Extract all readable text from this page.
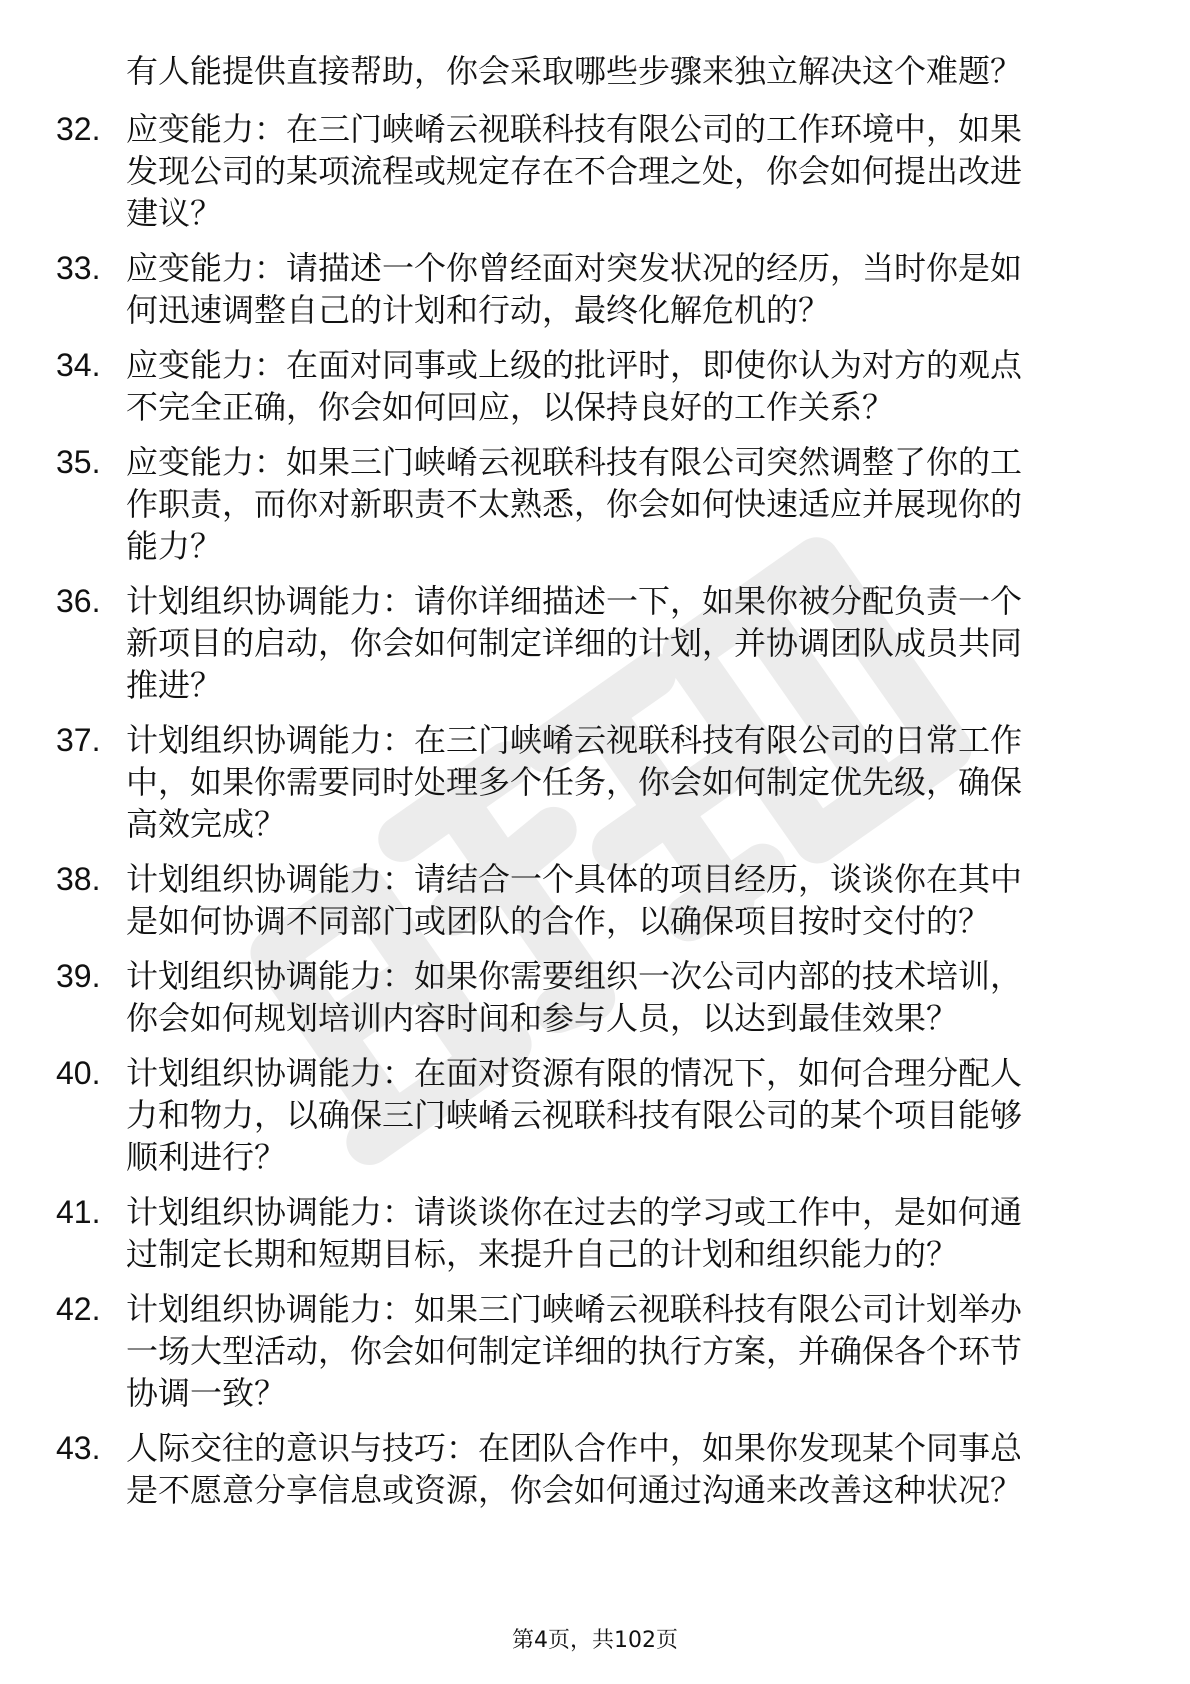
有人能提供直接帮助，你会采取哪些步骤来独立解决这个难题？
32. 应变能力：在三门峡崤云视联科技有限公司的工作环境中，如果
发现公司的某项流程或规定存在不合理之处，你会如何提出改进
建议？
33. 应变能力：请描述一个你曾经面对突发状况的经历，当时你是如
何迅速调整自己的计划和行动，最终化解危机的？
34. 应变能力：在面对同事或上级的批评时，即使你认为对方的观点
不完全正确，你会如何回应，以保持良好的工作关系？
35. 应变能力：如果三门峡崤云视联科技有限公司突然调整了你的工
作职责，而你对新职责不太熟悉，你会如何快速适应并展现你的
能力？
36. 计划组织协调能力：请你详细描述一下，如果你被分配负责一个
新项目的启动，你会如何制定详细的计划，并协调团队成员共同
推进？
37. 计划组织协调能力：在三门峡崤云视联科技有限公司的日常工作
中，如果你需要同时处理多个任务，你会如何制定优先级，确保
高效完成？
38. 计划组织协调能力：请结合一个具体的项目经历，谈谈你在其中
是如何协调不同部门或团队的合作，以确保项目按时交付的？
39. 计划组织协调能力：如果你需要组织一次公司内部的技术培训，
你会如何规划培训内容时间和参与人员，以达到最佳效果？
40. 计划组织协调能力：在面对资源有限的情况下，如何合理分配人
力和物力，以确保三门峡崤云视联科技有限公司的某个项目能够
顺利进行？
41. 计划组织协调能力：请谈谈你在过去的学习或工作中，是如何通
过制定长期和短期目标，来提升自己的计划和组织能力的？
42. 计划组织协调能力：如果三门峡崤云视联科技有限公司计划举办
一场大型活动，你会如何制定详细的执行方案，并确保各个环节
协调一致？
43. 人际交往的意识与技巧：在团队合作中，如果你发现某个同事总
是不愿意分享信息或资源，你会如何通过沟通来改善这种状况？
第4页，共102页
